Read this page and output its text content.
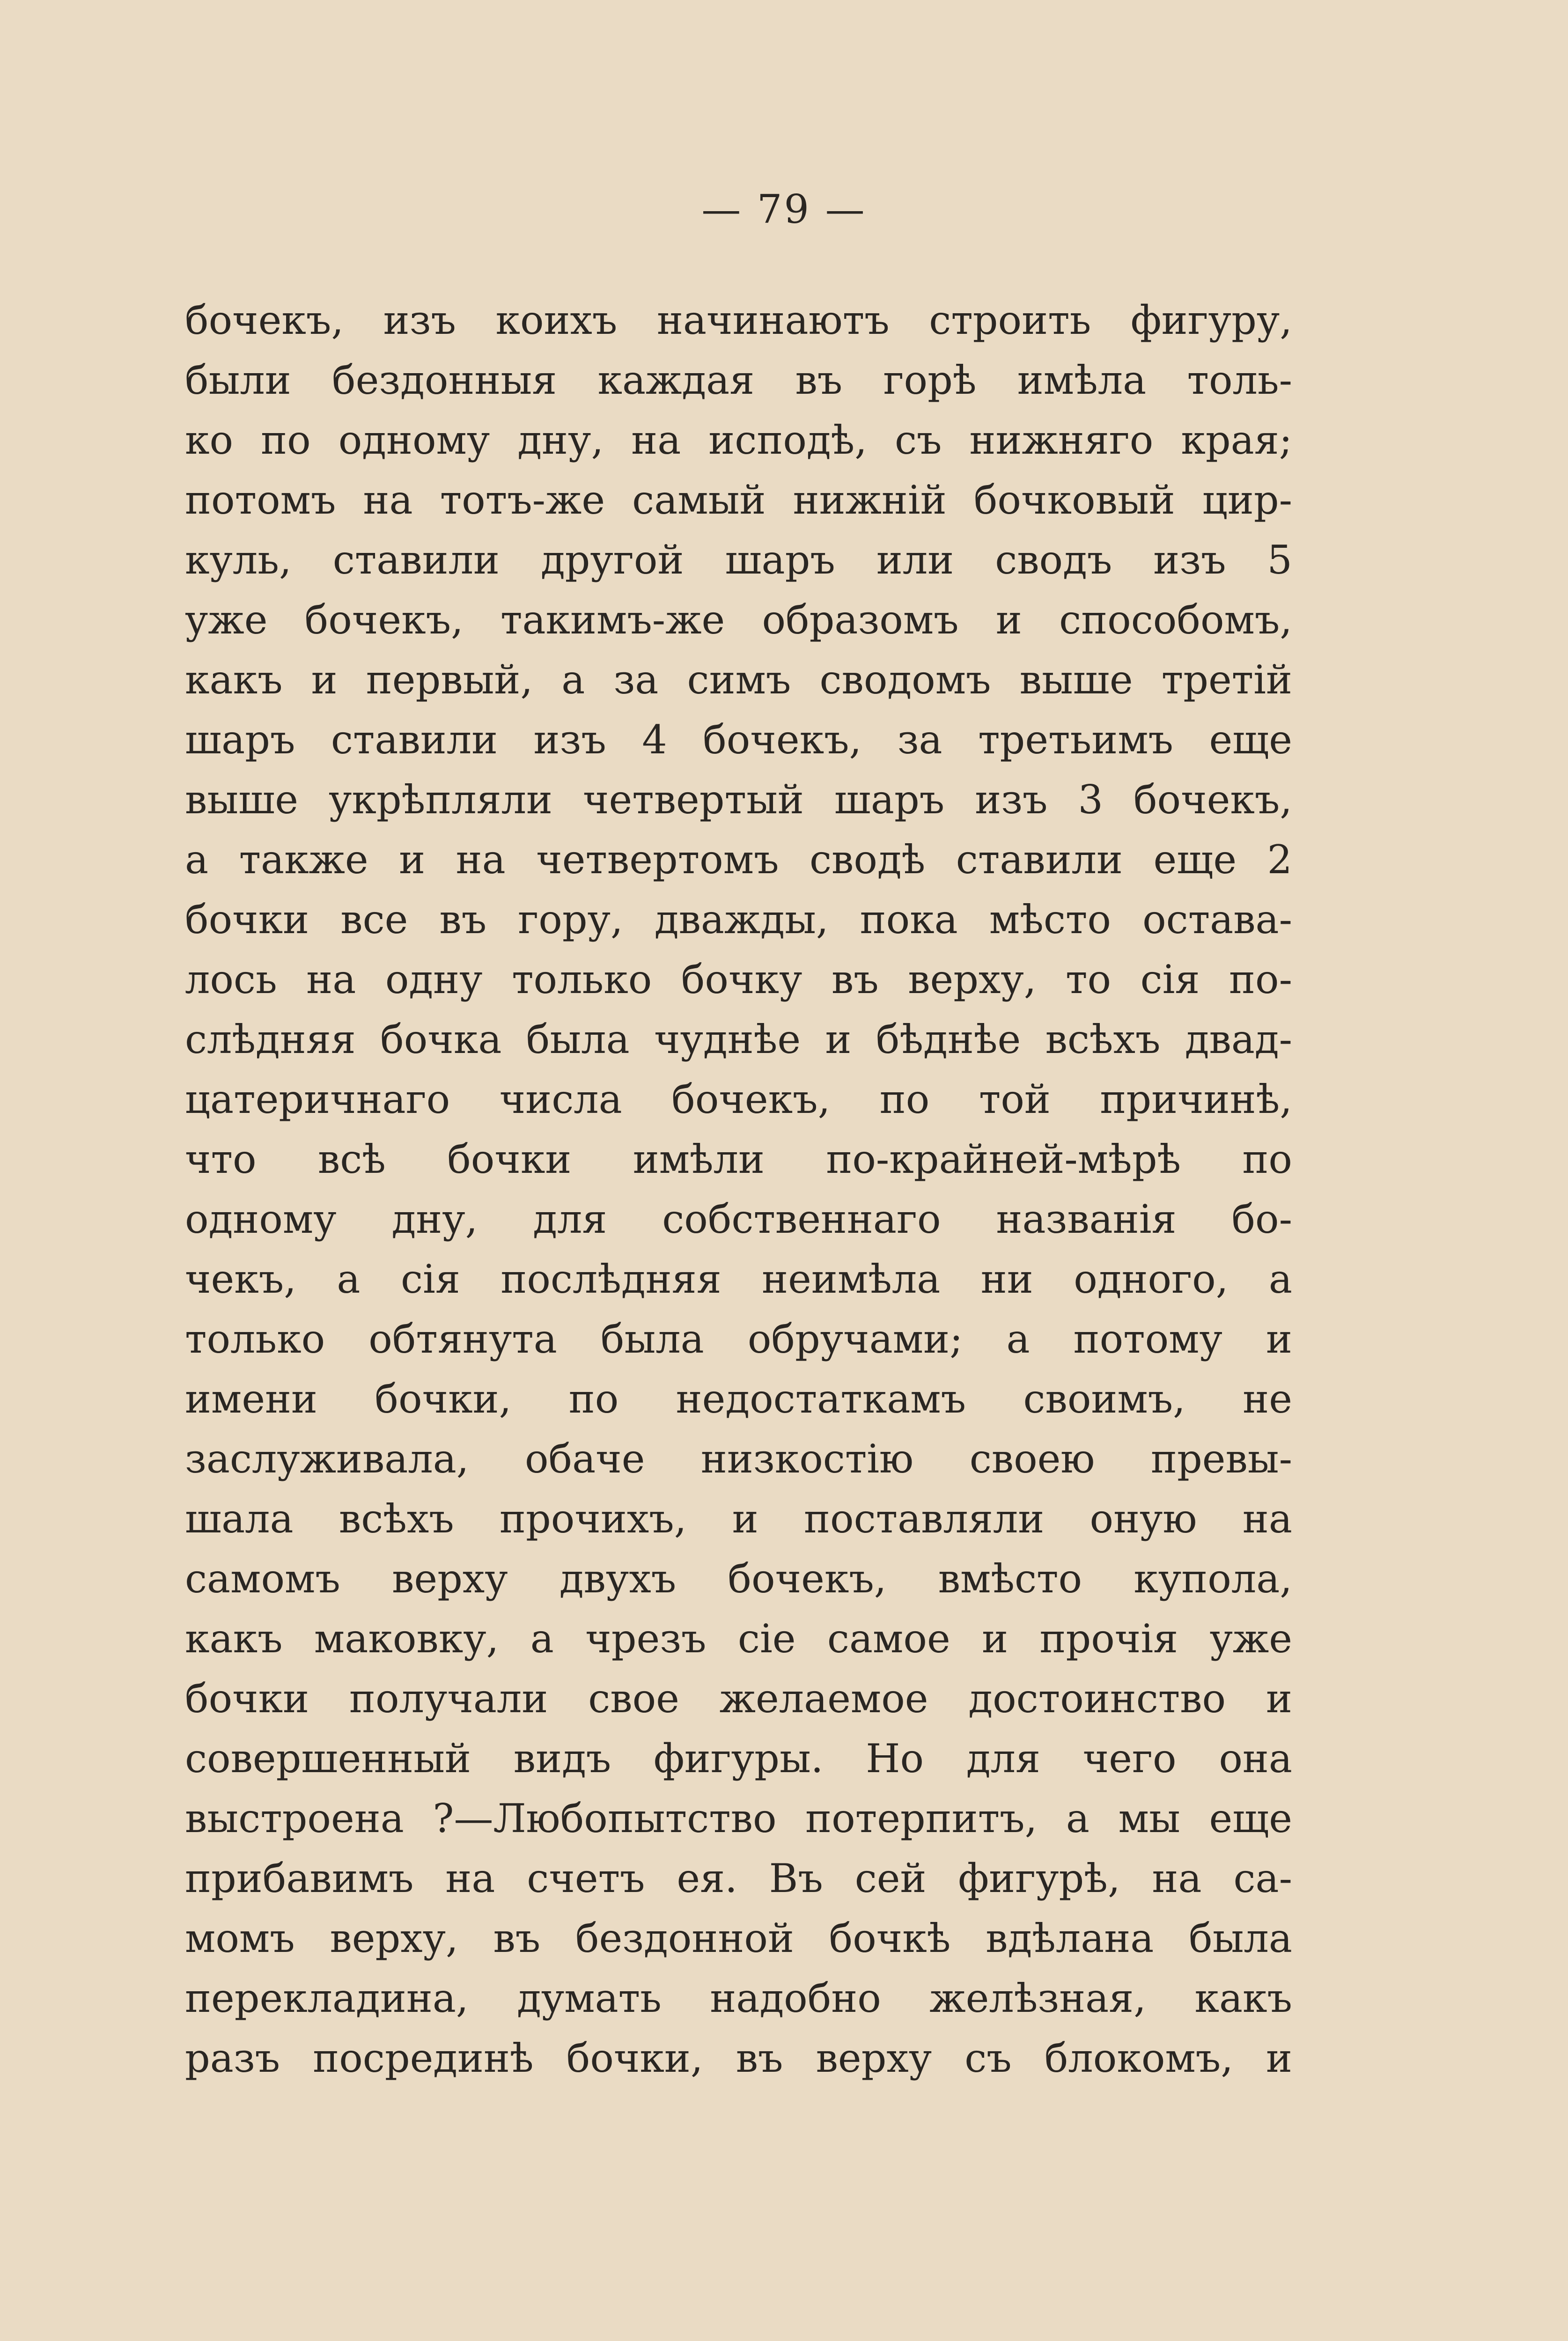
— 79 —
бочекъ, изъ коихъ начинаютъ строить фигуру,
были бездонныя каждая въ горѣ имѣла толь-
ко по одному дну, на исподѣ, съ нижняго края;
потомъ на тотъ-же самый нижній бочковый цир-
куль, ставили другой шаръ или сводъ изъ 5
уже бочекъ, такимъ-же образомъ и способомъ,
какъ и первый, а за симъ сводомъ выше третій
шаръ ставили изъ 4 бочекъ, за третьимъ еще
выше укрѣпляли четвертый шаръ изъ 3 бочекъ,
а также и на четвертомъ сводѣ ставили еще 2
бочки все въ гору, дважды, пока мѣсто остава-
лось на одну только бочку въ верху, то сія по-
слѣдняя бочка была чуднѣе и бѣднѣе всѣхъ двад-
цатеричнаго числа бочекъ, по той причинѣ,
что всѣ бочки имѣли по-крайней-мѣрѣ по
одному дну, для собственнаго названія бо-
чекъ, а сія послѣдняя неимѣла ни одного, а
только обтянута была обручами; а потому и
имени бочки, по недостаткамъ своимъ, не
заслуживала, обаче низкостію своею превы-
шала всѣхъ прочихъ, и поставляли оную на
самомъ верху двухъ бочекъ, вмѣсто купола,
какъ маковку, а чрезъ сіе самое и прочія уже
бочки получали свое желаемое достоинство и
совершенный видъ фигуры. Но для чего она
выстроена ?—Любопытство потерпитъ, а мы еще
прибавимъ на счетъ ея. Въ сей фигурѣ, на са-
момъ верху, въ бездонной бочкѣ вдѣлана была
перекладина, думать надобно желѣзная, какъ
разъ посрединѣ бочки, въ верху съ блокомъ, и
